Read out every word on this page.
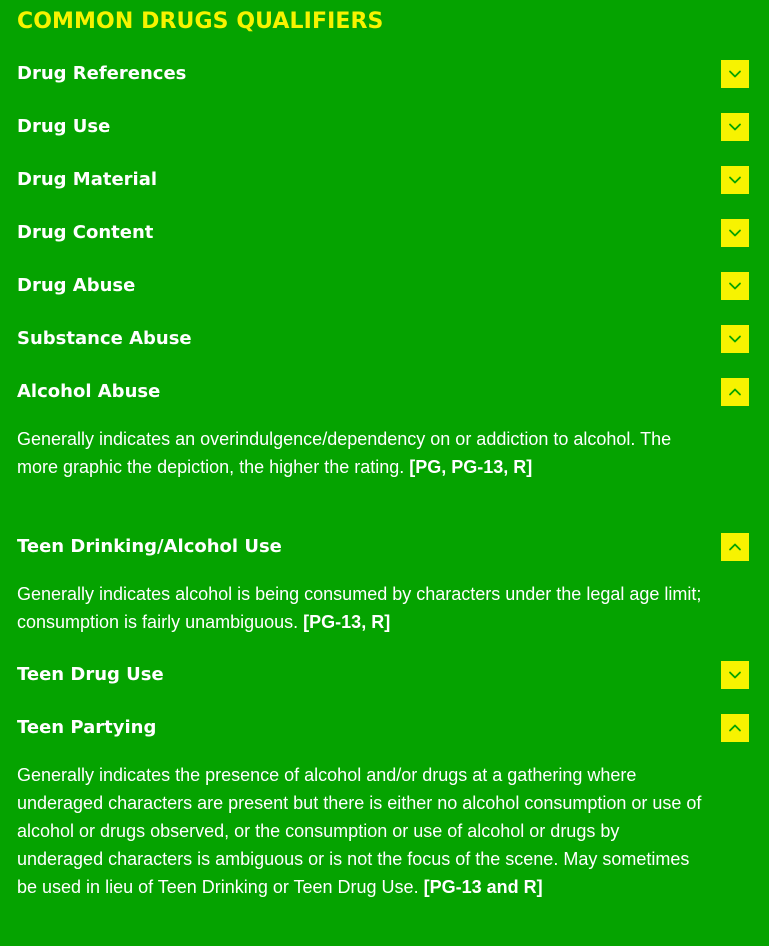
COMMON DRUGS QUALIFIERS
Drug References
Drug Use
Drug Material
Drug Content
Drug Abuse
Substance Abuse
Alcohol Abuse
Generally indicates an overindulgence/dependency on or addiction to alcohol. The more graphic the depiction, the higher the rating. [PG, PG-13, R]
Teen Drinking/Alcohol Use
Generally indicates alcohol is being consumed by characters under the legal age limit; consumption is fairly unambiguous. [PG-13, R]
Teen Drug Use
Teen Partying
Generally indicates the presence of alcohol and/or drugs at a gathering where underaged characters are present but there is either no alcohol consumption or use of alcohol or drugs observed, or the consumption or use of alcohol or drugs by underaged characters is ambiguous or is not the focus of the scene. May sometimes be used in lieu of Teen Drinking or Teen Drug Use. [PG-13 and R]
